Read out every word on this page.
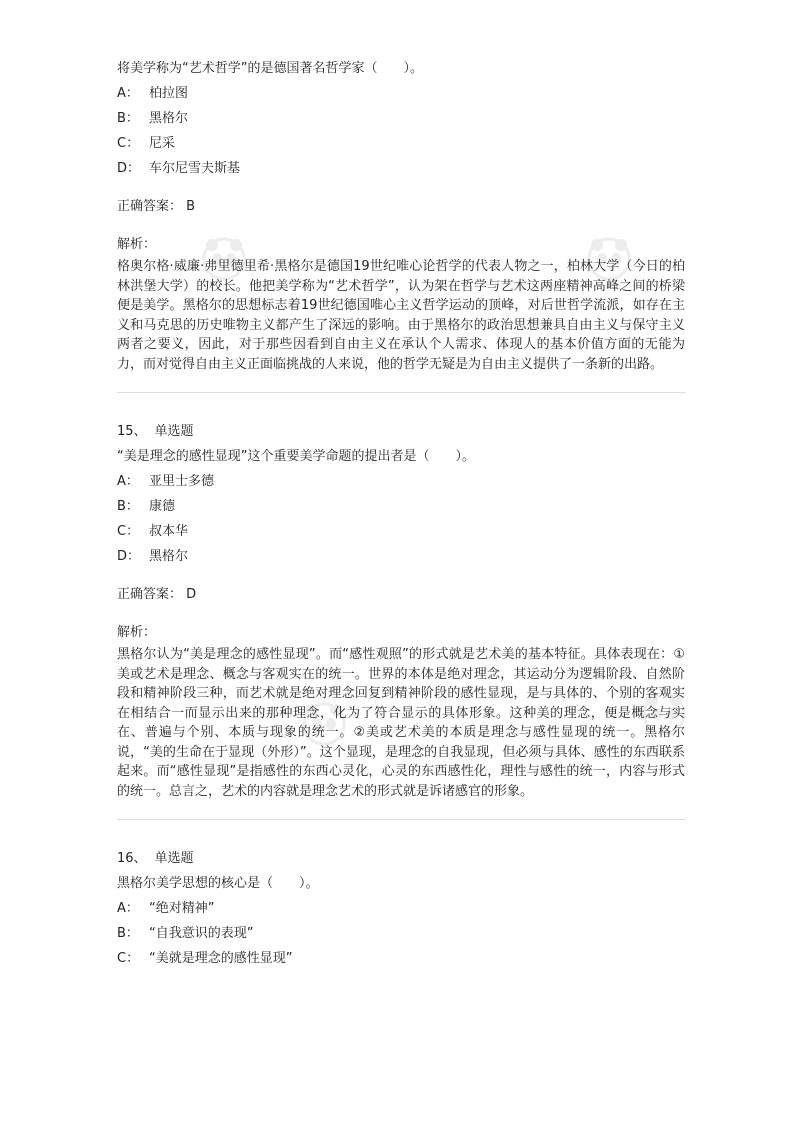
将美学称为“艺术哲学”的是德国著名哲学家（　　）。
A： 柏拉图
B： 黑格尔
C： 尼采
D： 车尔尼雪夫斯基
正确答案： B
解析：
格奥尔格·威廉·弗里德里希·黑格尔是德国19世纪唯心论哲学的代表人物之一，柏林大学（今日的柏林洪堡大学）的校长。他把美学称为“艺术哲学”，认为架在哲学与艺术这两座精神高峰之间的桥梁便是美学。黑格尔的思想标志着19世纪德国唯心主义哲学运动的顶峰，对后世哲学流派，如存在主义和马克思的历史唯物主义都产生了深远的影响。由于黑格尔的政治思想兼具自由主义与保守主义两者之要义，因此，对于那些因看到自由主义在承认个人需求、体现人的基本价值方面的无能为力，而对觉得自由主义正面临挑战的人来说，他的哲学无疑是为自由主义提供了一条新的出路。
15、 单选题
“美是理念的感性显现”这个重要美学命题的提出者是（　　）。
A： 亚里士多德
B： 康德
C： 叔本华
D： 黑格尔
正确答案： D
解析：
黑格尔认为“美是理念的感性显现”。而“感性观照”的形式就是艺术美的基本特征。具体表现在：①美或艺术是理念、概念与客观实在的统一。世界的本体是绝对理念，其运动分为逻辑阶段、自然阶段和精神阶段三种，而艺术就是绝对理念回复到精神阶段的感性显现，是与具体的、个别的客观实在相结合一而显示出来的那种理念，化为了符合显示的具体形象。这种美的理念，便是概念与实在、普遍与个别、本质与现象的统一。②美或艺术美的本质是理念与感性显现的统一。黑格尔说，“美的生命在于显现（外形）”。这个显现，是理念的自我显现，但必须与具体、感性的东西联系起来。而“感性显现”是指感性的东西心灵化，心灵的东西感性化，理性与感性的统一，内容与形式的统一。总言之，艺术的内容就是理念艺术的形式就是诉诸感官的形象。
16、 单选题
黑格尔美学思想的核心是（　　）。
A： “绝对精神”
B： “自我意识的表现”
C： “美就是理念的感性显现”
